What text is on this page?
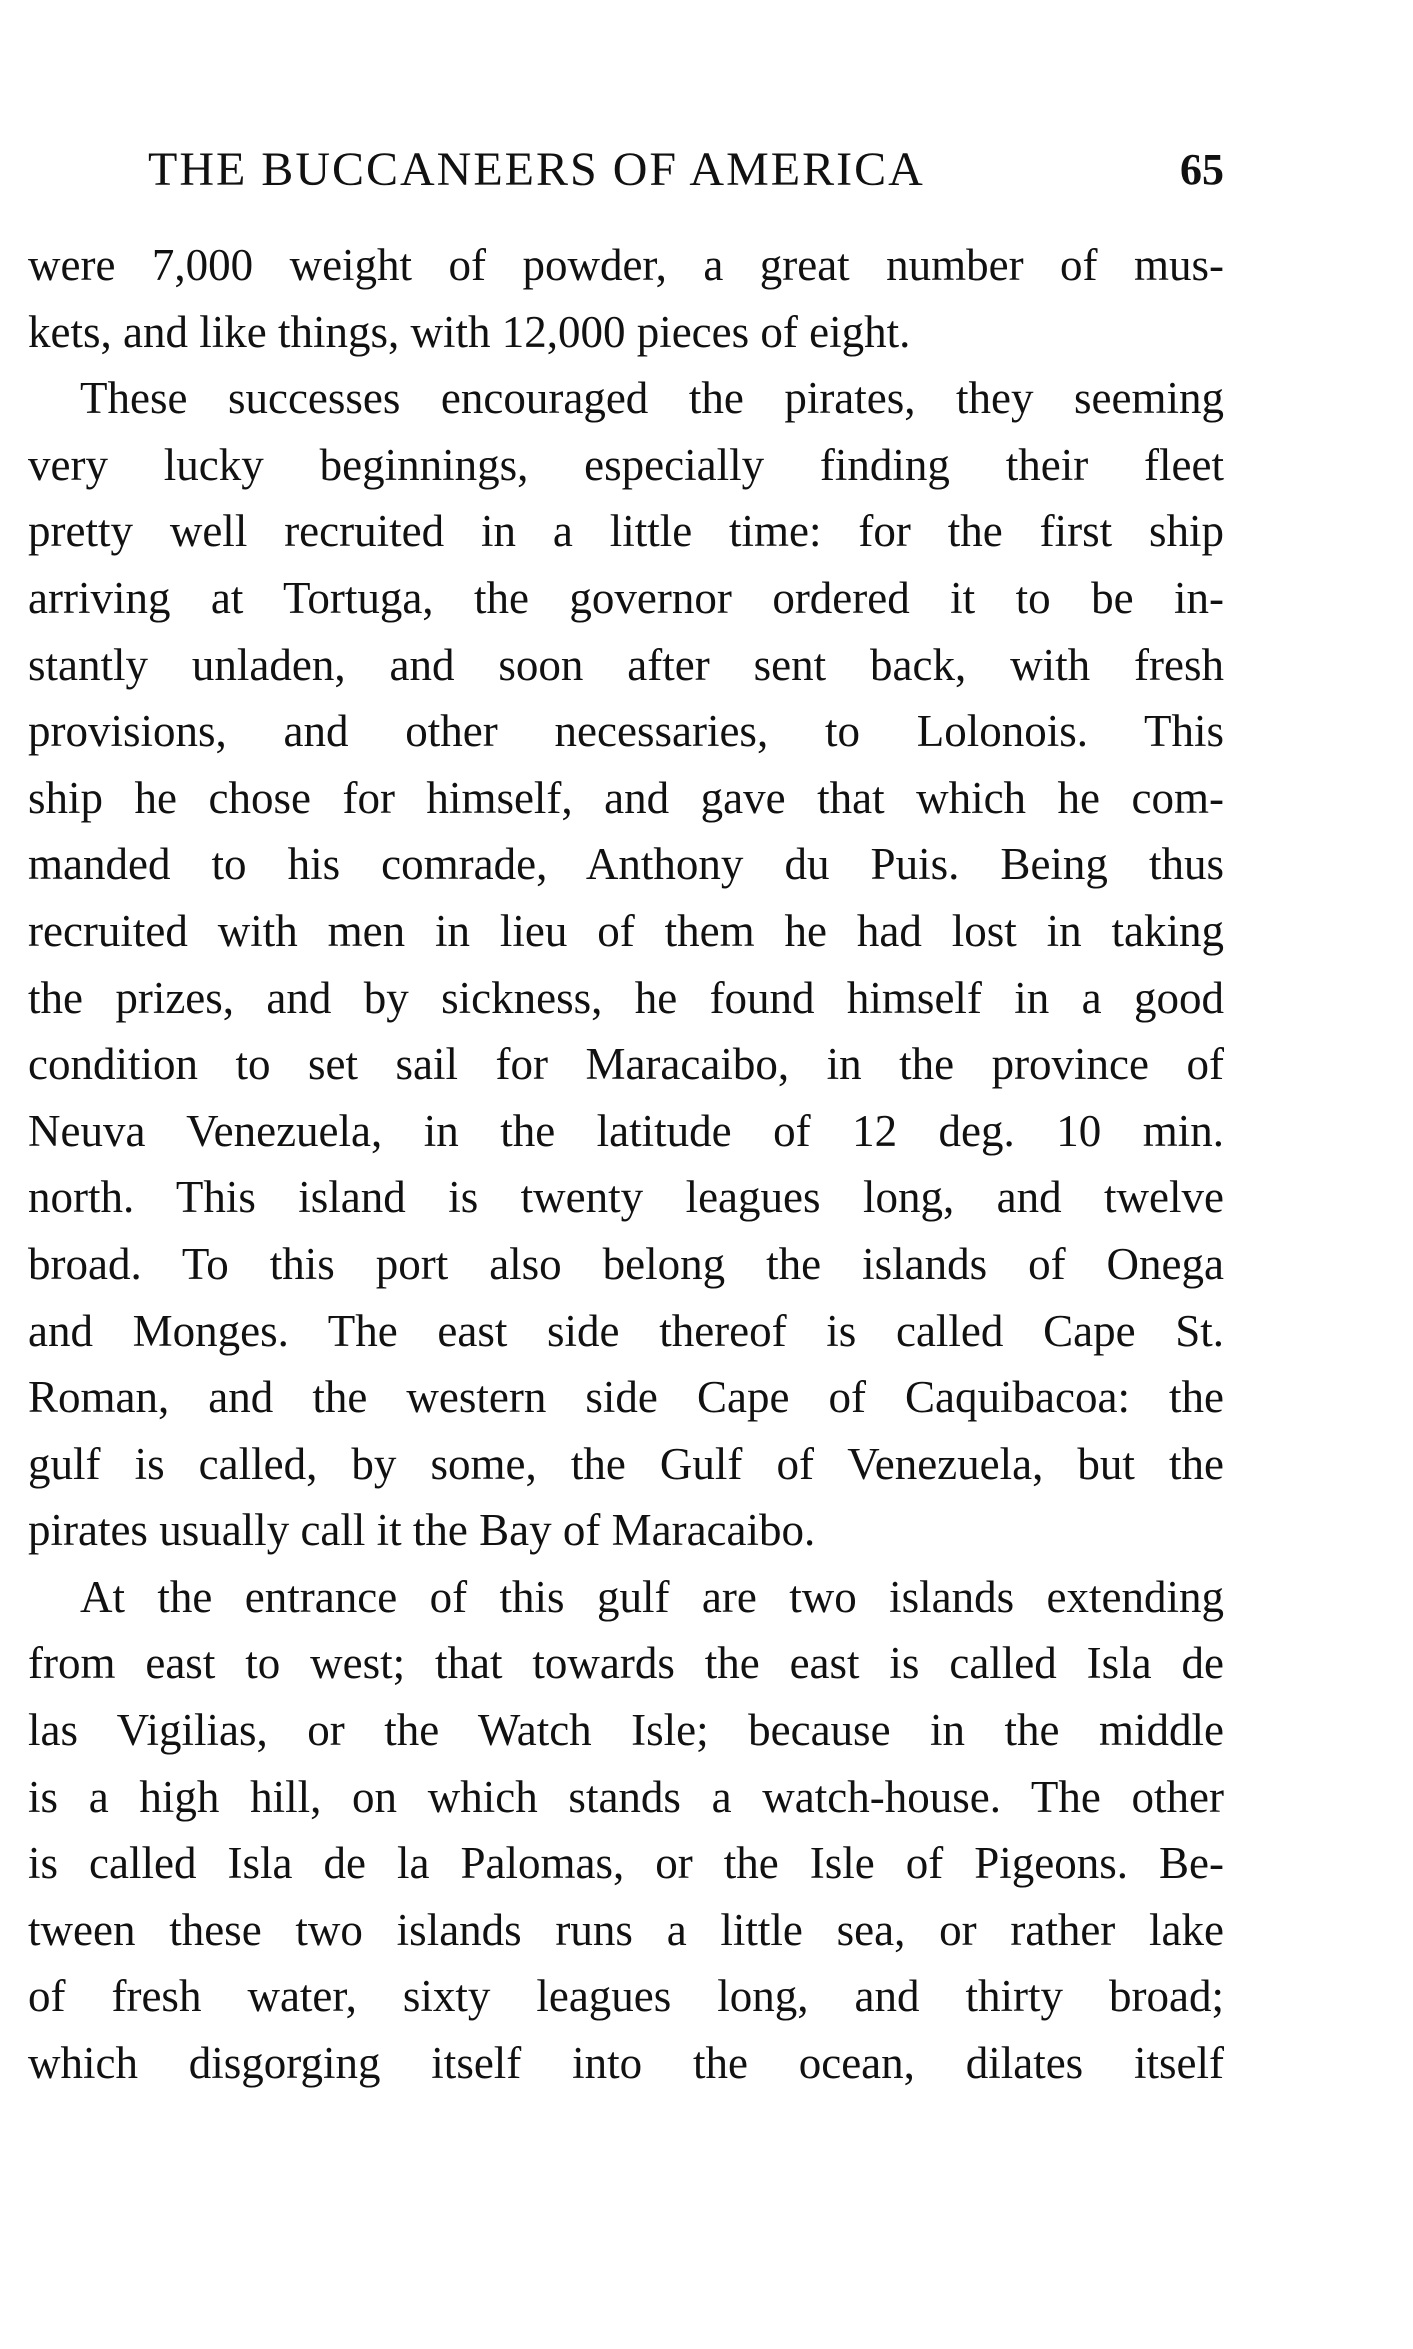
THE BUCCANEERS OF AMERICA	65
were 7,000 weight of powder, a great number of mus-
kets, and like things, with 12,000 pieces of eight.
These successes encouraged the pirates, they seeming
very lucky beginnings, especially finding their fleet
pretty well recruited in a little time: for the first ship
arriving at Tortuga, the governor ordered it to be in-
stantly unladen, and soon after sent back, with fresh
provisions, and other necessaries, to Lolonois. This
ship he chose for himself, and gave that which he com-
manded to his comrade, Anthony du Puis. Being thus
recruited with men in lieu of them he had lost in taking
the prizes, and by sickness, he found himself in a good
condition to set sail for Maracaibo, in the province of
Neuva Venezuela, in the latitude of 12 deg. 10 min.
north. This island is twenty leagues long, and twelve
broad. To this port also belong the islands of Onega
and Monges. The east side thereof is called Cape St.
Roman, and the western side Cape of Caquibacoa: the
gulf is called, by some, the Gulf of Venezuela, but the
pirates usually call it the Bay of Maracaibo.
At the entrance of this gulf are two islands extending
from east to west; that towards the east is called Isla de
las Vigilias, or the Watch Isle; because in the middle
is a high hill, on which stands a watch-house. The other
is called Isla de la Palomas, or the Isle of Pigeons. Be-
tween these two islands runs a little sea, or rather lake
of fresh water, sixty leagues long, and thirty broad;
which disgorging itself into the ocean, dilates itself
